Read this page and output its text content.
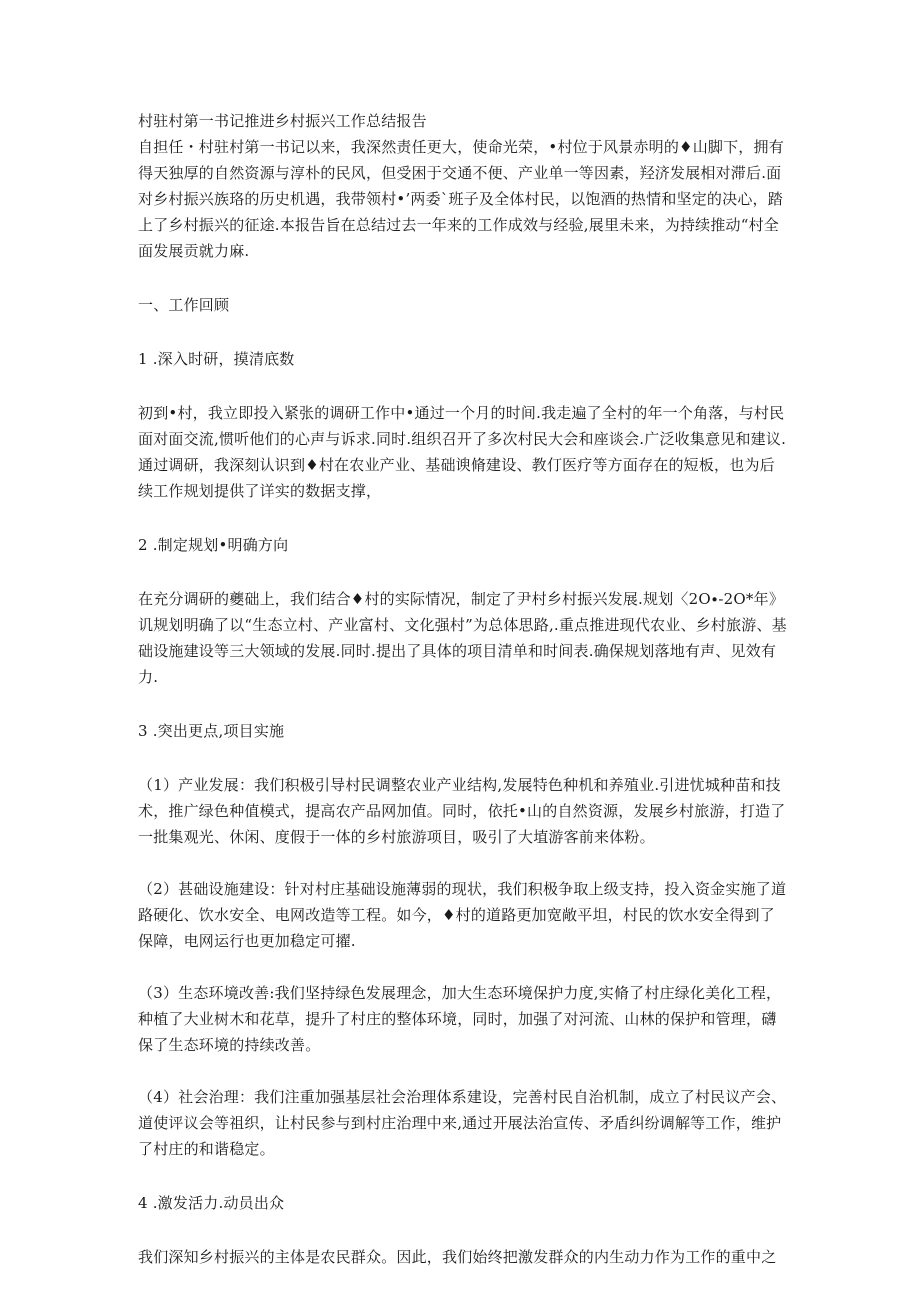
村驻村第一书记推进乡村振兴工作总结报告

自担任・村驻村第一书记以来，我深然责任更大，使命光荣，•村位于风景赤明的♦山脚下，拥有得天独厚的自然资源与淳朴的民风，但受困于交通不便、产业单一等因素，羟济发展相对滞后.面对乡村振兴族珞的历史机遇，我带领村•’两委`班子及全体村民，以饱酒的热情和坚定的决心，踏上了乡村振兴的征途.本报告旨在总结过去一年来的工作成效与经验,展里未来，为持续推动“村全面发展贡就力麻.

一、工作回顾

1 .深入时研，摸清底数

初到•村，我立即投入紧张的调研工作中•通过一个月的时间.我走遍了全村的年一个角落，与村民面对面交流,惯听他们的心声与诉求.同时.组织召开了多次村民大会和座谈会.广泛收集意见和建议.通过调研，我深刻认识到♦村在农业产业、基础谀脩建设、教仃医疗等方面存在的短板，也为后续工作规划提供了详实的数据支撑，

2 .制定规划•明确方向

在充分调研的夔础上，我们结合♦村的实际情况，制定了尹村乡村振兴发展.规划〈2O∙-2O*年》讥规划明确了以“生态立村、产业富村、文化强村”为总体思路,.重点推进现代农业、乡村旅游、基础设施建设等三大领域的发展.同时.提出了具体的项目清单和时间表.确保规划落地有声、见效有力.

3 .突出更点,项目实施

（1）产业发展：我们积极引导村民调整农业产业结构,发展特色种机和养殖业.引进忧城种苗和技术，推广绿色种值模式，提高农产品网加值。同时，依托•山的自然资源，发展乡村旅游，打造了一批集观光、休闲、度假于一体的乡村旅游项目，吸引了大埴游客前来体粉。

（2）甚础设施建设：针对村庄基础设施薄弱的现状，我们积极争取上级支持，投入资金实施了道路硬化、饮水安全、电网改造等工程。如今，♦村的道路更加宽敞平坦，村民的饮水安全得到了保障，电网运行也更加稳定可擢.

（3）生态环境改善:我们坚持绿色发展理念，加大生态环境保护力度,实脩了村庄绿化美化工程，种植了大业树木和花草，提升了村庄的整体环境，同时，加强了对河流、山林的保护和管理，礴保了生态环境的持续改善。

（4）社会治理：我们注重加强基层社会治理体系建设，完善村民自治机制，成立了村民议产会、道使评议会等祖织，让村民参与到村庄治理中来,通过开展法治宣传、矛盾纠纷调解等工作，维护了村庄的和谐稳定。

4 .激发活力.动员出众

我们深知乡村振兴的主体是农民群众。因此，我们始终把激发群众的内生动力作为工作的重中之
